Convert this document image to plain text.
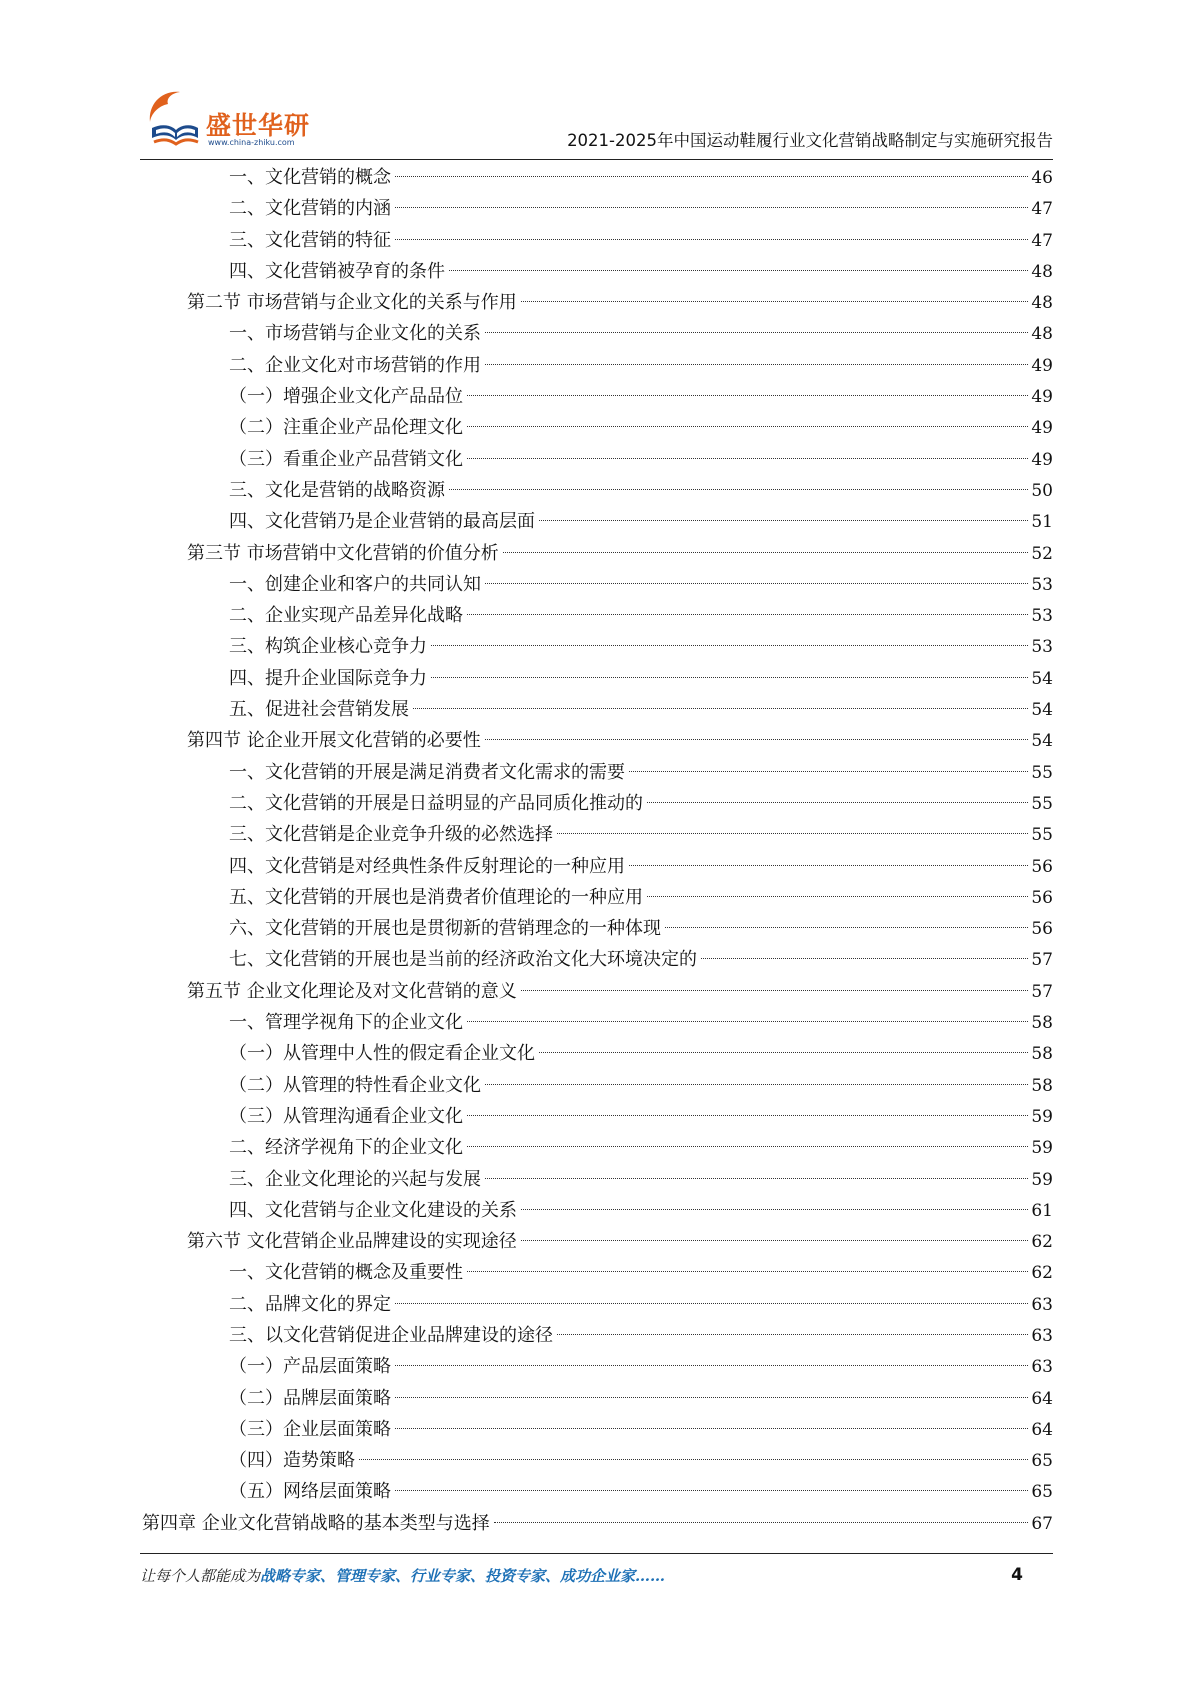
盛世华研
www.china-zhiku.com	2021-2025年中国运动鞋履行业文化营销战略制定与实施研究报告
一、文化营销的概念	46
二、文化营销的内涵	47
三、文化营销的特征	47
四、文化营销被孕育的条件	48
第二节 市场营销与企业文化的关系与作用	48
一、市场营销与企业文化的关系	48
二、企业文化对市场营销的作用	49
（一）增强企业文化产品品位	49
（二）注重企业产品伦理文化	49
（三）看重企业产品营销文化	49
三、文化是营销的战略资源	50
四、文化营销乃是企业营销的最高层面	51
第三节 市场营销中文化营销的价值分析	52
一、创建企业和客户的共同认知	53
二、企业实现产品差异化战略	53
三、构筑企业核心竞争力	53
四、提升企业国际竞争力	54
五、促进社会营销发展	54
第四节 论企业开展文化营销的必要性	54
一、文化营销的开展是满足消费者文化需求的需要	55
二、文化营销的开展是日益明显的产品同质化推动的	55
三、文化营销是企业竞争升级的必然选择	55
四、文化营销是对经典性条件反射理论的一种应用	56
五、文化营销的开展也是消费者价值理论的一种应用	56
六、文化营销的开展也是贯彻新的营销理念的一种体现	56
七、文化营销的开展也是当前的经济政治文化大环境决定的	57
第五节 企业文化理论及对文化营销的意义	57
一、管理学视角下的企业文化	58
（一）从管理中人性的假定看企业文化	58
（二）从管理的特性看企业文化	58
（三）从管理沟通看企业文化	59
二、经济学视角下的企业文化	59
三、企业文化理论的兴起与发展	59
四、文化营销与企业文化建设的关系	61
第六节 文化营销企业品牌建设的实现途径	62
一、文化营销的概念及重要性	62
二、品牌文化的界定	63
三、以文化营销促进企业品牌建设的途径	63
（一）产品层面策略	63
（二）品牌层面策略	64
（三）企业层面策略	64
（四）造势策略	65
（五）网络层面策略	65
第四章 企业文化营销战略的基本类型与选择	67
让每个人都能成为战略专家、管理专家、行业专家、投资专家、成功企业家……	4
